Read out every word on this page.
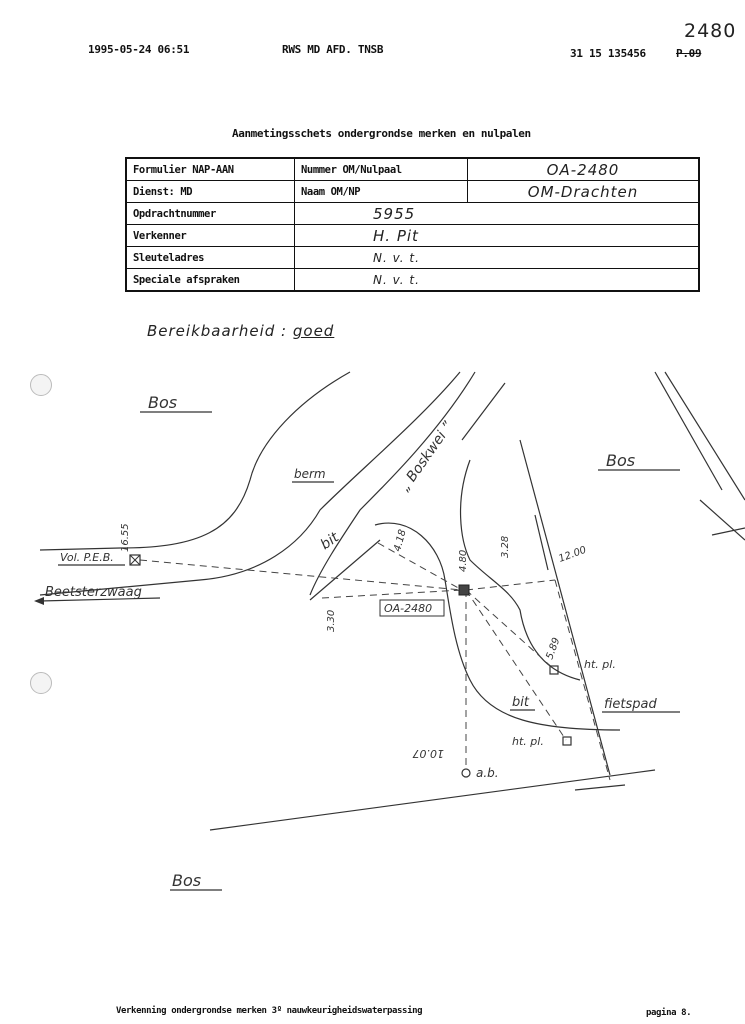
1995-05-24 06:51	RWS MD AFD. TNSB	31 15 135456	P.09
2480
Aanmetingsschets ondergrondse merken en nulpalen
Formulier NAP-AAN	Nummer OM/Nulpaal	OA-2480
Dienst: MD	Naam OM/NP	OM-Drachten
Opdrachtnummer	5955	
Verkenner	H. Pit	
Sleuteladres	N. v. t.	
Speciale afspraken	N. v. t.	
Bereikbaarheid : goed
Bos
Bos
Bos
berm	„ Boskwei ”
bit
bit
Vol. P.E.B.
Beetsterzwaag
OA-2480
fietspad
ht. pl.
ht. pl.
a.b.
16.55	4.18
4.80
3.28	12.00
5.89
3.30
10.07
Verkenning ondergrondse merken 3º nauwkeurigheidswaterpassing	pagina 8.
